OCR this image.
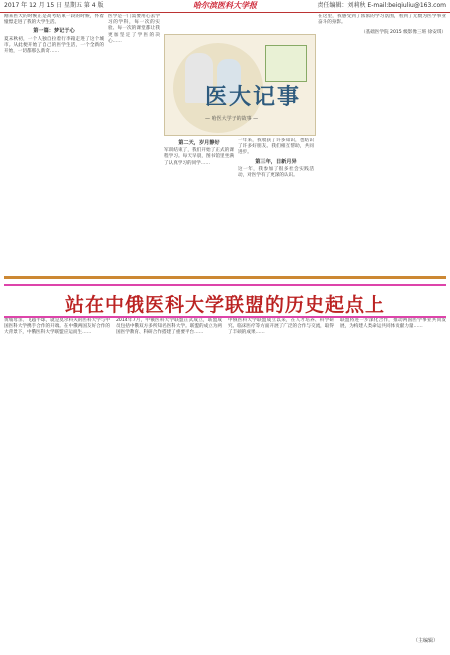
2017 年 12 月 15 日 星期五 第 4 版	哈尔滨医科大学报	责任编辑：刘莉秋 E-mail:beiqiuliu@163.com
刚来医大的时候正是高考结束一段的时候，怀着憧憬走进了我的大学生活。
第一篇：梦记于心
夏末秋初，一个人独自拉着行李箱走进了这个城市。从此便开始了自己的医学生活，一个全新的开始，一切都那么新奇……
医学是一门需要用心去学习的学科，每一次的实验、每一次的课堂都让我更加坚定了学医的决心……
医大记事
— 哈医大学子的故事 —
第二天，岁月静好
军训结束了，我们开始了正式的课程学习。每天早晨，图书馆里坐满了认真学习的同学……
一年来，我收获了许多知识，也结识了许多好朋友。我们相互帮助，共同进步。
第三年，日新月异
这一年，我参加了很多社会实践活动，对医学有了更深的认识。
在这里，我感受到了浓浓的学习氛围，看到了无数为医学事业奋斗的身影。
（基础医学院 2015 级影像三班 徐安琪）
站在中俄医科大学联盟的历史起点上
黄埔母亲、飞越半球，就是莫尔科夫的医科大学与中国医科大学携手合作的开端。在中俄两国友好合作的大背景下，中俄医科大学联盟应运而生……
2014年7月，中俄医科大学联盟正式成立，联盟成员包括中俄双方多所知名医科大学。联盟的成立为两国医学教育、科研合作搭建了重要平台……
中俄医科大学联盟成立以来，在人才培养、科学研究、临床医疗等方面开展了广泛的合作与交流，取得了丰硕的成果……
联盟将进一步深化合作，推动两国医学事业共同发展，为构建人类命运共同体贡献力量……
（主编辑）
